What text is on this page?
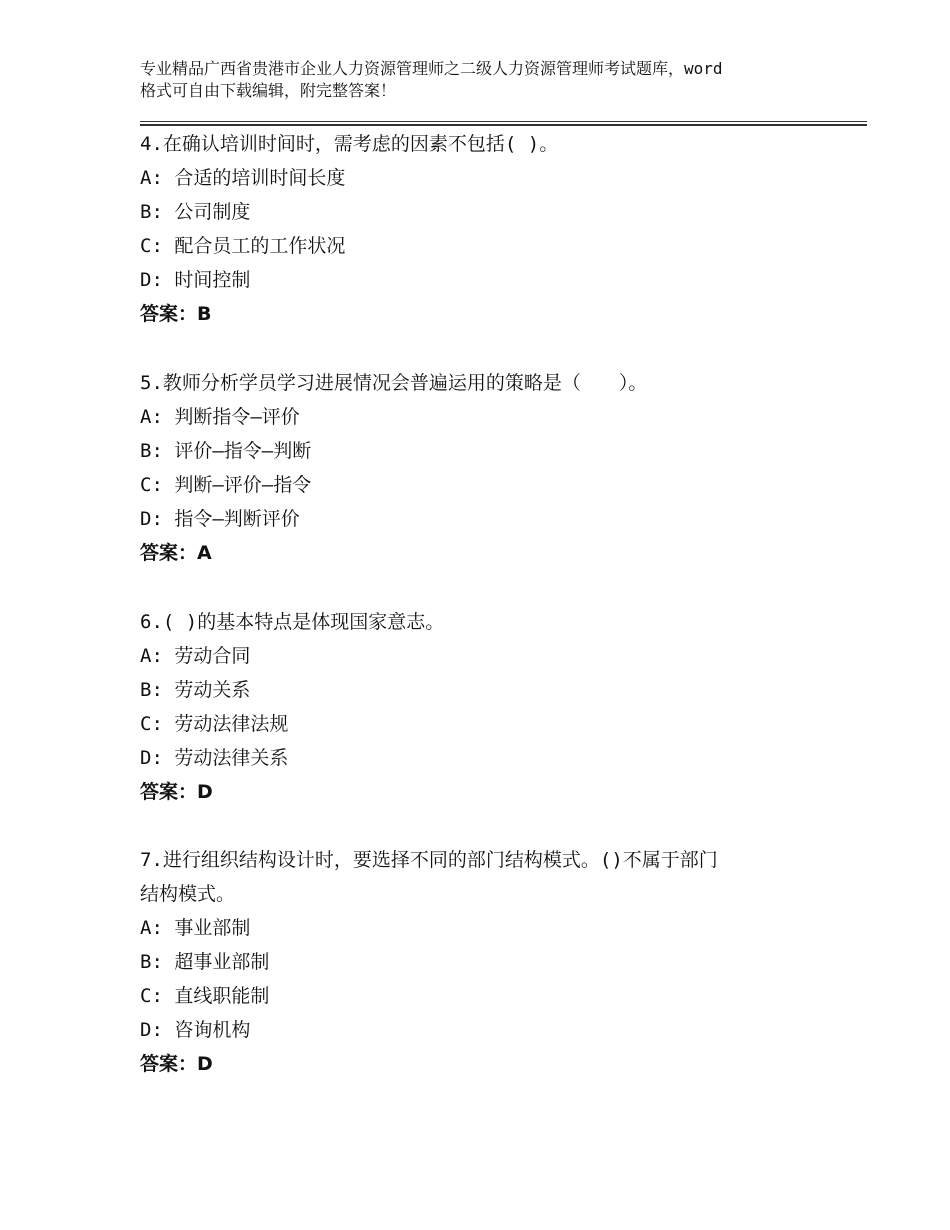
专业精品广西省贵港市企业人力资源管理师之二级人力资源管理师考试题库，word
格式可自由下载编辑，附完整答案！
4.在确认培训时间时，需考虑的因素不包括( )。
A: 合适的培训时间长度
B: 公司制度
C: 配合员工的工作状况
D: 时间控制
答案：B
5.教师分析学员学习进展情况会普遍运用的策略是（　　）。
A: 判断指令—评价
B: 评价—指令—判断
C: 判断—评价—指令
D: 指令—判断评价
答案：A
6.( )的基本特点是体现国家意志。
A: 劳动合同
B: 劳动关系
C: 劳动法律法规
D: 劳动法律关系
答案：D
7.进行组织结构设计时，要选择不同的部门结构模式。()不属于部门
结构模式。
A: 事业部制
B: 超事业部制
C: 直线职能制
D: 咨询机构
答案：D
